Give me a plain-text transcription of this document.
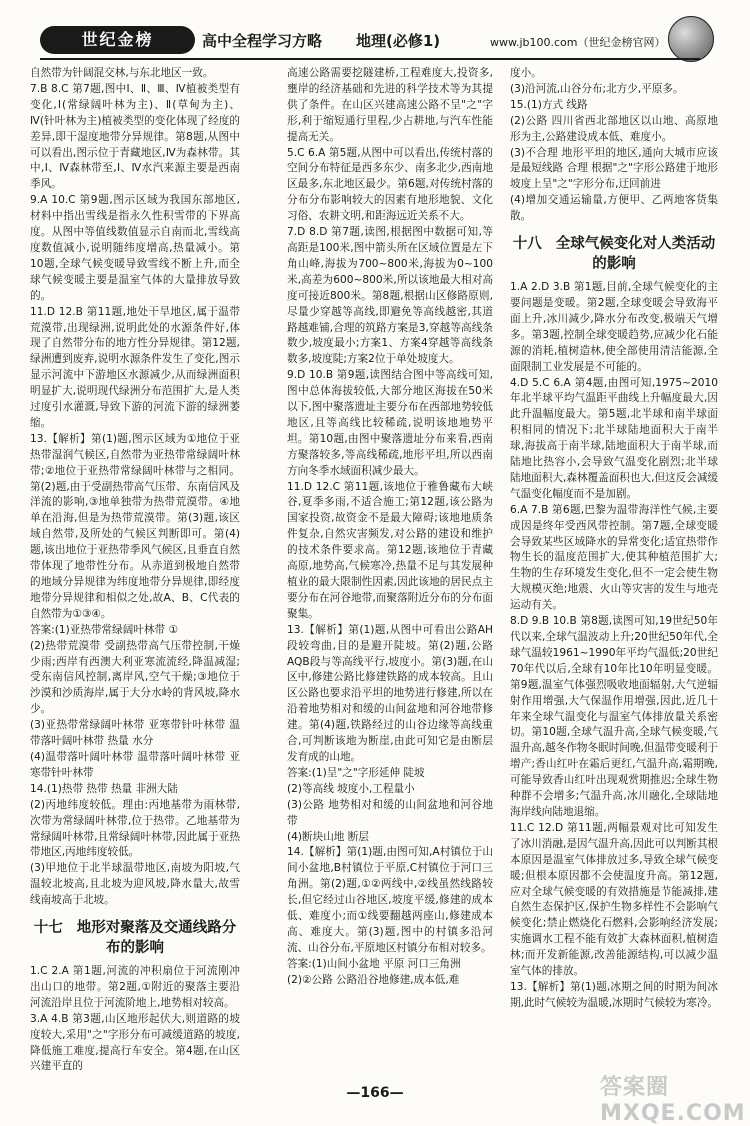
世纪金榜	高中全程学习方略 地理(必修1)	www.jb100.com（世纪金榜官网）

自然带为针阔混交林,与东北地区一致。

7.B 8.C 第7题,图中Ⅰ、Ⅱ、Ⅲ、Ⅳ植被类型有变化,Ⅰ(常绿阔叶林为主)、Ⅱ(草甸为主)、Ⅳ(针叶林为主)植被类型的变化体现了经度的差异,即干湿度地带分异规律。第8题,从图中可以看出,图示位于青藏地区,Ⅳ为森林带。其中,Ⅰ、Ⅳ森林带至,Ⅰ、Ⅳ水汽来源主要是西南季风。

9.A 10.C 第9题,图示区域为我国东部地区,材料中指出雪线是指永久性积雪带的下界高度。从图中等值线数值显示自南而北,雪线高度数值减小,说明随纬度增高,热量减小。第10题,全球气候变暖导致雪线不断上升,而全球气候变暖主要是温室气体的大量排放导致的。

11.D 12.B 第11题,地处干旱地区,属于温带荒漠带,出现绿洲,说明此处的水源条件好,体现了自然带分布的地方性分异规律。第12题,绿洲遭到废弃,说明水源条件发生了变化,图示显示河流中下游地区水源减少,从而绿洲面积明显扩大,说明现代绿洲分布范围扩大,是人类过度引水灌溉,导致下游的河流下游的绿洲萎缩。

13.【解析】第(1)题,图示区域为①地位于亚热带湿润气候区,自然带为亚热带常绿阔叶林带;②地位于亚热带常绿阔叶林带与之相同。第(2)题,由于受副热带高气压带、东南信风及洋流的影响,③地单独带为热带荒漠带。④地单在沿海,但是为热带荒漠带。第(3)题,该区域自然带,及所处的气候区判断即可。第(4)题,该出地位于亚热带季风气候区,且垂直自然带体现了地带性分布。从赤道到极地自然带的地域分异规律为纬度地带分异规律,即经度地带分异规律和相似之处,故A、B、C代表的自然带为①③④。

答案:(1)亚热带常绿阔叶林带 ①

(2)热带荒漠带 受副热带高气压带控制,干燥少雨;西岸有西澳大利亚寒流流经,降温减湿;受东南信风控制,离岸风,空气干燥;③地位于沙漠和沙质海岸,属于大分水岭的背风坡,降水少。

(3)亚热带常绿阔叶林带 亚寒带针叶林带 温带落叶阔叶林带 热量 水分

(4)温带落叶阔叶林带 温带落叶阔叶林带 亚寒带针叶林带

14.(1)热带 热带 热量 非洲大陆

(2)丙地纬度较低。理由:丙地基带为雨林带,次带为常绿阔叶林带,位于热带。乙地基带为常绿阔叶林带,且常绿阔叶林带,因此属于亚热带地区,丙地纬度较低。

(3)甲地位于北半球温带地区,南坡为阳坡,气温较北坡高,且北坡为迎风坡,降水量大,故雪线南坡高于北坡。

十七 地形对聚落及交通线路分布的影响

1.C 2.A 第1题,河流的冲积扇位于河流刚冲出山口的地带。第2题,①附近的聚落主要沿河流沿岸且位于河流阶地上,地势相对较高。

3.A 4.B 第3题,山区地形起伏大,则道路的坡度较大,采用"之"字形分布可减缓道路的坡度,降低施工难度,提高行车安全。第4题,在山区兴建平直的

高速公路需要挖隧建桥,工程难度大,投资多,壅岸的经济基础和先进的科学技术等为其提供了条件。在山区兴建高速公路不呈"之"字形,利于缩短通行里程,少占耕地,与汽车性能提高无关。

5.C 6.A 第5题,从图中可以看出,传统村落的空间分布特征是西多东少、南多北少,西南地区最多,东北地区最少。第6题,对传统村落的分布分布影响较大的因素有地形地貌、文化习俗、农耕文明,和距海远近关系不大。

7.D 8.D 第7题,读图,根据图中数据可知,等高距是100米,图中箭头所在区域位置是左下角山峰,海拔为700~800米,海拔为0~100米,高差为600~800米,所以该地最大相对高度可接近800米。第8题,根据山区修路原则,尽量少穿越等高线,即避免等高线越密,其道路越难铺,合理的筑路方案是3,穿越等高线条数少,坡度最小;方案1、方案4穿越等高线条数多,坡度陡;方案2位于单处坡度大。

9.D 10.B 第9题,读图结合图中等高线可知,图中总体海拔较低,大部分地区海拔在50米以下,图中聚落遗址主要分布在西部地势较低地区,且等高线比较稀疏,说明该地地势平坦。第10题,由图中聚落遗址分布来看,西南方聚落较多,等高线稀疏,地形平坦,所以西南方向冬季水域面积减少最大。

11.D 12.C 第11题,该地位于雅鲁藏布大峡谷,夏季多雨,不适合施工;第12题,该公路为国家投资,故资金不是最大障碍;该地地质条件复杂,自然灾害频发,对公路的建设和维护的技术条件要求高。第12题,该地位于青藏高原,地势高,气候寒冷,热量不足与其发展种植业的最大限制性因素,因此该地的居民点主要分布在河谷地带,而聚落附近分布的分布面聚集。

13.【解析】第(1)题,从图中可看出公路AH段较弯曲,目的是避开陡坡。第(2)题,公路AQB段与等高线平行,坡度小。第(3)题,在山区中,修建公路比修建铁路的成本较高。且山区公路也要求沿平坦的地势进行修建,所以在沿着地势相对和缓的山间盆地和河谷地带修建。第(4)题,铁路经过的山谷边缘等高线重合,可判断该地为断崖,由此可知它是由断层发育成的山地。

答案:(1)呈"之"字形延伸 陡坡

(2)等高线 坡度小,工程量小

(3)公路 地势相对和缓的山间盆地和河谷地带

(4)断块山地 断层

14.【解析】第(1)题,由图可知,A村镇位于山间小盆地,B村镇位于平原,C村镇位于河口三角洲。第(2)题,①②两线中,②线虽然线路较长,但它经过山谷地区,坡度平缓,修建的成本低、难度小;而①线要翻越两座山,修建成本高、难度大。第(3)题,图中的村镇多沿河流、山谷分布,平原地区村镇分布相对较多。

答案:(1)山间小盆地 平原 河口三角洲

(2)②公路 公路沿谷地修建,成本低,难

度小。

(3)沿河流,山谷分布;北方少,平原多。

15.(1)方式 线路

(2)公路 四川省西北部地区以山地、高原地形为主,公路建设成本低、难度小。

(3)不合理 地形平坦的地区,通向大城市应该是最短线路 合理 根据"之"字形公路建于地形坡度上呈"之"字形分布,迂回前进

(4)增加交通运输量,方便甲、乙两地客货集散。

十八 全球气候变化对人类活动的影响

1.A 2.D 3.B 第1题,目前,全球气候变化的主要问题是变暖。第2题,全球变暖会导致海平面上升,冰川减少,降水分布改变,极端天气增多。第3题,控制全球变暖趋势,应减少化石能源的消耗,植树造林,使全部使用清洁能源,全面限制工业发展是不可能的。

4.D 5.C 6.A 第4题,由图可知,1975~2010年北半球平均气温距平曲线上升幅度最大,因此升温幅度最大。第5题,北半球和南半球面积相同的情况下;北半球陆地面积大于南半球,海拔高于南半球,陆地面积大于南半球,而陆地比热容小,会导致气温变化剧烈;北半球陆地面积大,森林覆盖面积也大,但这反会减缓气温变化幅度而不是加剧。

6.A 7.B 第6题,巴黎为温带海洋性气候,主要成因是终年受西风带控制。第7题,全球变暖会导致某些区域降水的异常变化;适宜热带作物生长的温度范围扩大,使其种植范围扩大;生物的生存环境发生变化,但不一定会使生物大规模灭绝;地震、火山等灾害的发生与地壳运动有关。

8.D 9.B 10.B 第8题,读图可知,19世纪50年代以来,全球气温波动上升;20世纪50年代,全球气温较1961~1990年平均气温低;20世纪70年代以后,全球有10年比10年明显变暖。第9题,温室气体强烈吸收地面辐射,大气逆辐射作用增强,大气保温作用增强,因此,近几十年来全球气温变化与温室气体排放量关系密切。第10题,全球气温升高,全球气候变暖,气温升高,越冬作物冬眠时间晚,但温带变暖利于增产;香山红叶在霜后更红,气温升高,霜期晚,可能导致香山红叶出现观赏期推迟;全球生物种群不会增多;气温升高,冰川融化,全球陆地海岸线向陆地退缩。

11.C 12.D 第11题,两幅景观对比可知发生了冰川消融,是因气温升高,因此可以判断其根本原因是温室气体排放过多,导致全球气候变暖;但根本原因都不会使温度升高。第12题,应对全球气候变暖的有效措施是节能减排,建自然生态保护区,保护生物多样性不会影响气候变化;禁止燃烧化石燃料,会影响经济发展;实施调水工程不能有效扩大森林面积,植树造林;而开发新能源,改善能源结构,可以减少温室气体的排放。

13.【解析】第(1)题,冰期之间的时期为间冰期,此时气候较为温暖,冰期时气候较为寒冷。

—166—	答案圈 MXQE.COM
